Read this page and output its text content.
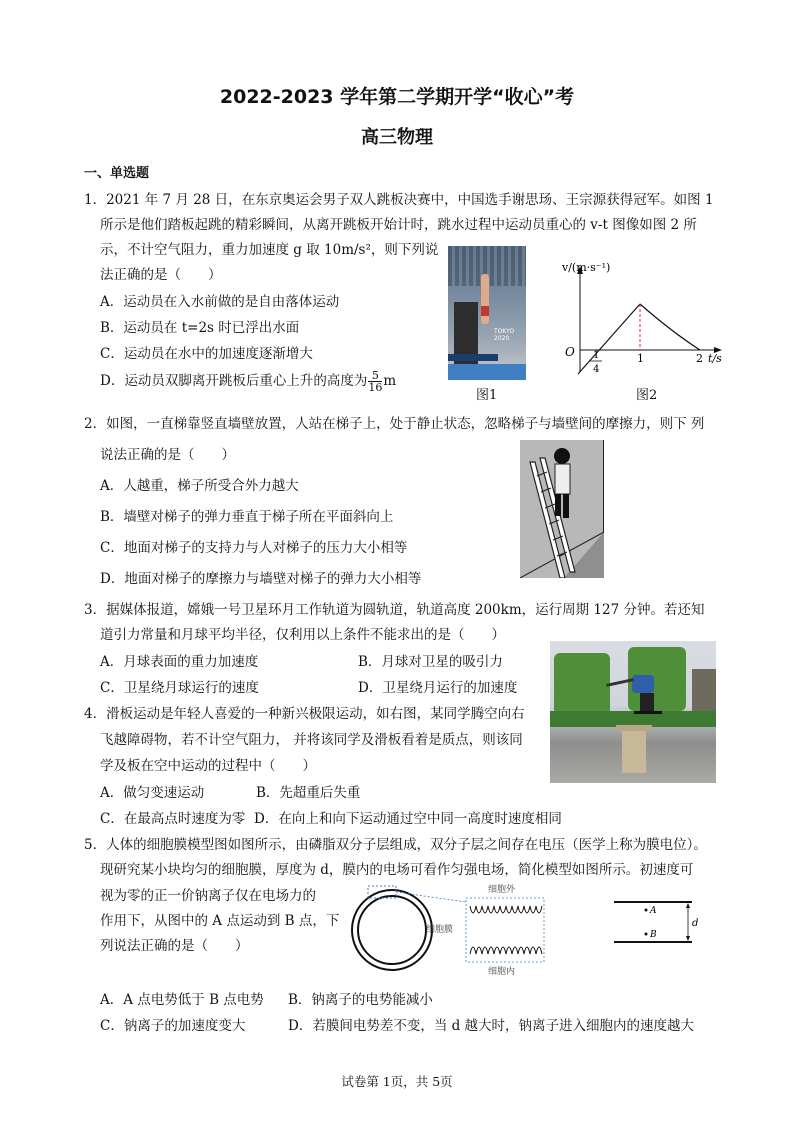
2022-2023 学年第二学期开学“收心”考
高三物理
一、单选题
1．2021 年 7 月 28 日，在东京奥运会男子双人跳板决赛中，中国选手谢思玚、王宗源获得冠军。如图 1
所示是他们踏板起跳的精彩瞬间，从离开跳板开始计时，跳水过程中运动员重心的 v-t 图像如图 2 所
示，不计空气阻力，重力加速度 g 取 10m/s²，则下列说
法正确的是（　　）
A．运动员在入水前做的是自由落体运动
B．运动员在 t=2s 时已浮出水面
C．运动员在水中的加速度逐渐增大
D．运动员双脚离开跳板后重心上升的高度为 $\frac{5}{16}$ m
TOKYO 2020
图1
v/(m·s⁻¹)
O 1
4
1	2 t/s
图2
2．如图，一直梯靠竖直墙壁放置，人站在梯子上，处于静止状态，忽略梯子与墙壁间的摩擦力，则下 列
说法正确的是（　　）
A．人越重，梯子所受合外力越大
B．墙壁对梯子的弹力垂直于梯子所在平面斜向上
C．地面对梯子的支持力与人对梯子的压力大小相等
D．地面对梯子的摩擦力与墙壁对梯子的弹力大小相等
3．据媒体报道，嫦娥一号卫星环月工作轨道为圆轨道，轨道高度 200km，运行周期 127 分钟。若还知
道引力常量和月球平均半径，仅利用以上条件不能求出的是（　　）
A．月球表面的重力加速度	B．月球对卫星的吸引力
C．卫星绕月球运行的速度	D．卫星绕月运行的加速度
4．滑板运动是年轻人喜爱的一种新兴极限运动，如右图，某同学腾空向右
飞越障碍物，若不计空气阻力， 并将该同学及滑板看着是质点，则该同
学及板在空中运动的过程中（　　）
A．做匀变速运动	B．先超重后失重
C．在最高点时速度为零 D．在向上和向下运动通过空中同一高度时速度相同
5．人体的细胞膜模型图如图所示，由磷脂双分子层组成，双分子层之间存在电压（医学上称为膜电位）。
现研究某小块均匀的细胞膜，厚度为 d，膜内的电场可看作匀强电场，简化模型如图所示。初速度可
视为零的正一价钠离子仅在电场力的
作用下，从图中的 A 点运动到 B 点，下
列说法正确的是（　　）
细胞外
细胞膜
细胞内
A
B
d
A．A 点电势低于 B 点电势 B．钠离子的电势能减小
C．钠离子的加速度变大	D．若膜间电势差不变，当 d 越大时，钠离子进入细胞内的速度越大
试卷第 1页，共 5页
